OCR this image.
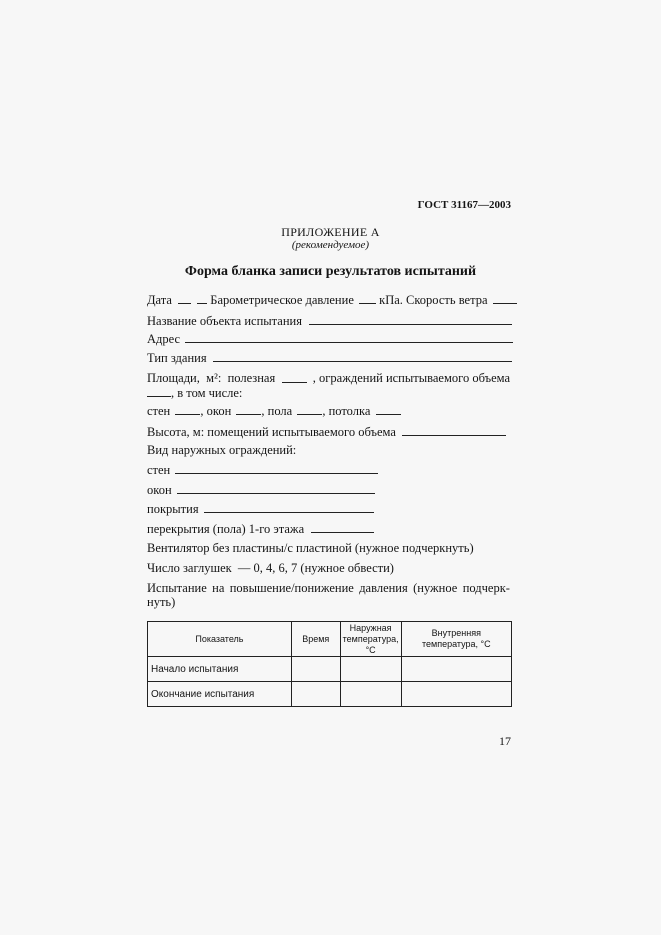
ГОСТ 31167—2003
ПРИЛОЖЕНИЕ А
(рекомендуемое)
Форма бланка записи результатов испытаний
Дата	Барометрическое давление кПа. Скорость ветра
Название объекта испытания
Адрес
Тип здания
Площади, м²: полезная	, ограждений испытываемого объема
, в том числе:
стен , окон , пола , потолка
Высота, м: помещений испытываемого объема
Вид наружных ограждений:
стен
окон
покрытия
перекрытия (пола) 1-го этажа
Вентилятор без пластины/с пластиной (нужное подчеркнуть)
Число заглушек  — 0, 4, 6, 7 (нужное обвести)
Испытание на повышение/понижение давления (нужное подчерк-
нуть)
Показатель	Время	Наружная температура, °С	Внутренняя температура, °С
Начало испытания			
Окончание испытания			
17
